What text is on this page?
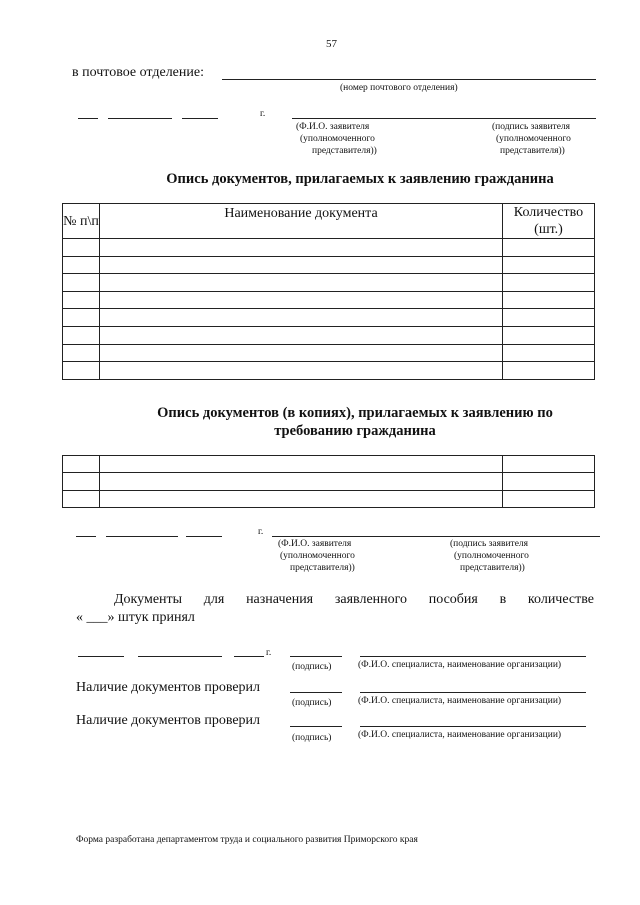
57
в почтовое отделение:
(номер почтового отделения)
г.
(Ф.И.О. заявителя
(уполномоченного
представителя))
(подпись заявителя
(уполномоченного
представителя))
Опись документов, прилагаемых к заявлению гражданина
№ п\п	Наименование документа	Количество (шт.)

Опись документов (в копиях), прилагаемых к заявлению по
требованию гражданина

г.
(Ф.И.О. заявителя
(уполномоченного
представителя))
(подпись заявителя
(уполномоченного
представителя))
Документы для назначения заявленного пособия в количестве
« ___» штук принял
г.
(подпись)	(Ф.И.О. специалиста, наименование организации)
Наличие документов проверил
(подпись)	(Ф.И.О. специалиста, наименование организации)
Наличие документов проверил
(подпись)	(Ф.И.О. специалиста, наименование организации)
Форма разработана департаментом труда и социального развития Приморского края
